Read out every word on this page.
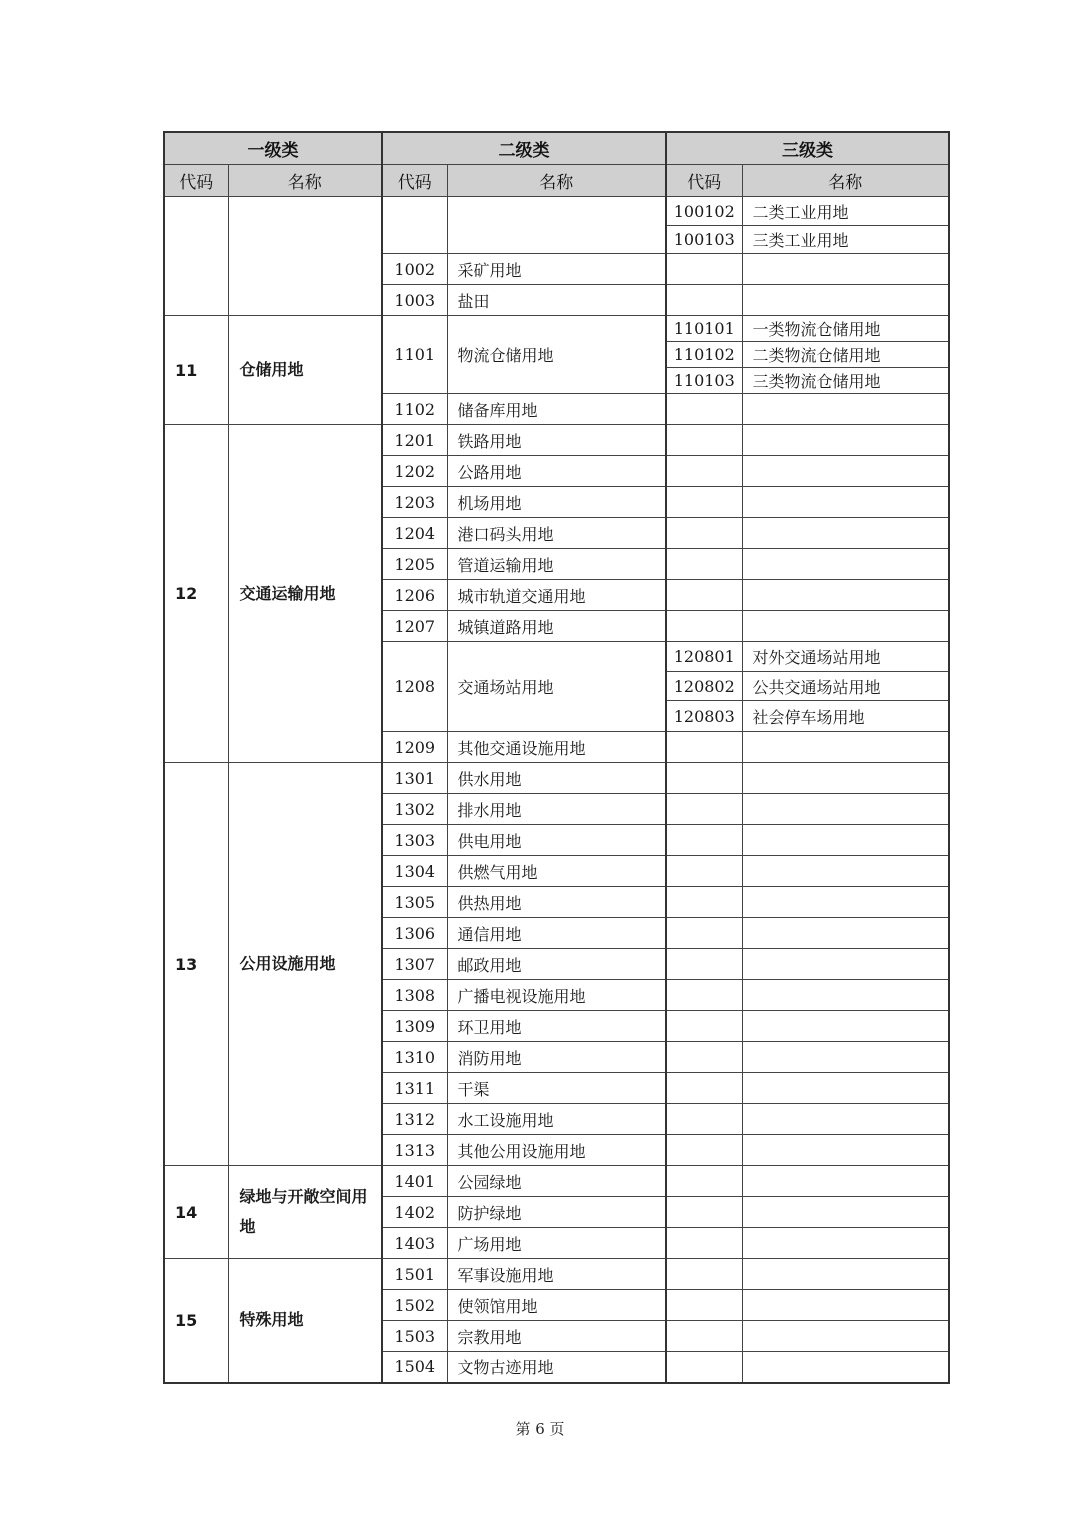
一级类		二级类		三级类	
代码	名称	代码	名称	代码	名称
				100102	二类工业用地
				100103	三类工业用地
		1002	采矿用地		
		1003	盐田		
11	仓储用地	1101	物流仓储用地	110101	一类物流仓储用地
				110102	二类物流仓储用地
				110103	三类物流仓储用地
		1102	储备库用地		
12	交通运输用地	1201	铁路用地		
		1202	公路用地		
		1203	机场用地		
		1204	港口码头用地		
		1205	管道运输用地		
		1206	城市轨道交通用地		
		1207	城镇道路用地		
		1208	交通场站用地	120801	对外交通场站用地
				120802	公共交通场站用地
				120803	社会停车场用地
		1209	其他交通设施用地		
13	公用设施用地	1301	供水用地		
		1302	排水用地		
		1303	供电用地		
		1304	供燃气用地		
		1305	供热用地		
		1306	通信用地		
		1307	邮政用地		
		1308	广播电视设施用地		
		1309	环卫用地		
		1310	消防用地		
		1311	干渠		
		1312	水工设施用地		
		1313	其他公用设施用地		
14	绿地与开敞空间用地	1401	公园绿地		
		1402	防护绿地		
		1403	广场用地		
15	特殊用地	1501	军事设施用地		
		1502	使领馆用地		
		1503	宗教用地		
		1504	文物古迹用地		
第 6 页
